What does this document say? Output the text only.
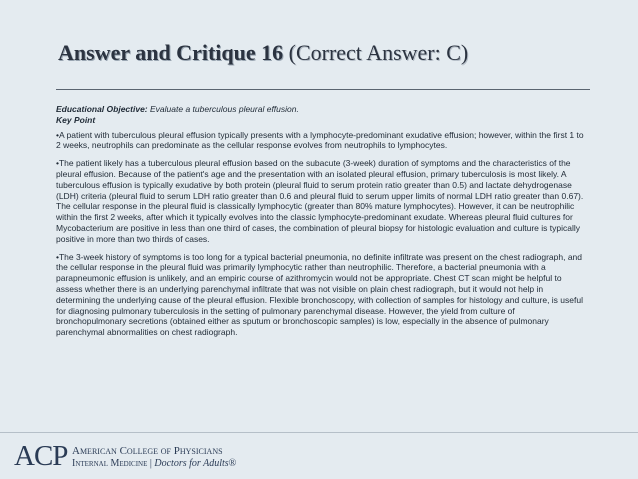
Answer and Critique 16 (Correct Answer: C)

Educational Objective: Evaluate a tuberculous pleural effusion.

Key Point

•A patient with tuberculous pleural effusion typically presents with a lymphocyte-predominant exudative effusion; however, within the first 1 to 2 weeks, neutrophils can predominate as the cellular response evolves from neutrophils to lymphocytes.

•The patient likely has a tuberculous pleural effusion based on the subacute (3-week) duration of symptoms and the characteristics of the pleural effusion. Because of the patient's age and the presentation with an isolated pleural effusion, primary tuberculosis is most likely. A tuberculous effusion is typically exudative by both protein (pleural fluid to serum protein ratio greater than 0.5) and lactate dehydrogenase (LDH) criteria (pleural fluid to serum LDH ratio greater than 0.6 and pleural fluid to serum upper limits of normal LDH ratio greater than 0.67). The cellular response in the pleural fluid is classically lymphocytic (greater than 80% mature lymphocytes). However, it can be neutrophilic within the first 2 weeks, after which it typically evolves into the classic lymphocyte-predominant exudate. Whereas pleural fluid cultures for Mycobacterium are positive in less than one third of cases, the combination of pleural biopsy for histologic evaluation and culture is typically positive in more than two thirds of cases.

•The 3-week history of symptoms is too long for a typical bacterial pneumonia, no definite infiltrate was present on the chest radiograph, and the cellular response in the pleural fluid was primarily lymphocytic rather than neutrophilic. Therefore, a bacterial pneumonia with a parapneumonic effusion is unlikely, and an empiric course of azithromycin would not be appropriate. Chest CT scan might be helpful to assess whether there is an underlying parenchymal infiltrate that was not visible on plain chest radiograph, but it would not help in determining the underlying cause of the pleural effusion. Flexible bronchoscopy, with collection of samples for histology and culture, is useful for diagnosing pulmonary tuberculosis in the setting of pulmonary parenchymal disease. However, the yield from culture of bronchopulmonary secretions (obtained either as sputum or bronchoscopic samples) is low, especially in the absence of pulmonary parenchymal abnormalities on chest radiograph.

ACP American College of Physicians
Internal Medicine | Doctors for Adults®
